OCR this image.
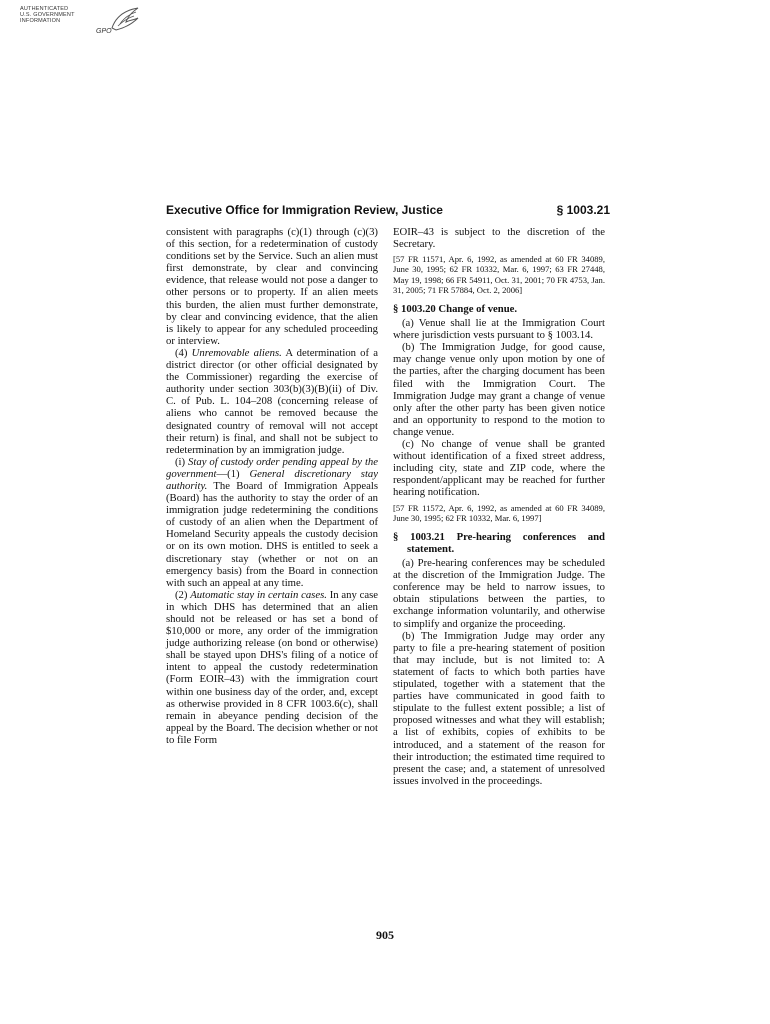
AUTHENTICATED
U.S. GOVERNMENT
INFORMATION
GPO
Executive Office for Immigration Review, Justice	§ 1003.21

consistent with paragraphs (c)(1) through (c)(3) of this section, for a redetermination of custody conditions set by the Service. Such an alien must first demonstrate, by clear and convincing evidence, that release would not pose a danger to other persons or to property. If an alien meets this burden, the alien must further demonstrate, by clear and convincing evidence, that the alien is likely to appear for any scheduled proceeding or interview.

(4) Unremovable aliens. A determination of a district director (or other official designated by the Commissioner) regarding the exercise of authority under section 303(b)(3)(B)(ii) of Div. C. of Pub. L. 104–208 (concerning release of aliens who cannot be removed because the designated country of removal will not accept their return) is final, and shall not be subject to redetermination by an immigration judge.

(i) Stay of custody order pending appeal by the government—(1) General discretionary stay authority. The Board of Immigration Appeals (Board) has the authority to stay the order of an immigration judge redetermining the conditions of custody of an alien when the Department of Homeland Security appeals the custody decision or on its own motion. DHS is entitled to seek a discretionary stay (whether or not on an emergency basis) from the Board in connection with such an appeal at any time.

(2) Automatic stay in certain cases. In any case in which DHS has determined that an alien should not be released or has set a bond of $10,000 or more, any order of the immigration judge authorizing release (on bond or otherwise) shall be stayed upon DHS's filing of a notice of intent to appeal the custody redetermination (Form EOIR–43) with the immigration court within one business day of the order, and, except as otherwise provided in 8 CFR 1003.6(c), shall remain in abeyance pending decision of the appeal by the Board. The decision whether or not to file Form

EOIR–43 is subject to the discretion of the Secretary.

[57 FR 11571, Apr. 6, 1992, as amended at 60 FR 34089, June 30, 1995; 62 FR 10332, Mar. 6, 1997; 63 FR 27448, May 19, 1998; 66 FR 54911, Oct. 31, 2001; 70 FR 4753, Jan. 31, 2005; 71 FR 57884, Oct. 2, 2006]

§ 1003.20 Change of venue.

(a) Venue shall lie at the Immigration Court where jurisdiction vests pursuant to § 1003.14.

(b) The Immigration Judge, for good cause, may change venue only upon motion by one of the parties, after the charging document has been filed with the Immigration Court. The Immigration Judge may grant a change of venue only after the other party has been given notice and an opportunity to respond to the motion to change venue.

(c) No change of venue shall be granted without identification of a fixed street address, including city, state and ZIP code, where the respondent/applicant may be reached for further hearing notification.

[57 FR 11572, Apr. 6, 1992, as amended at 60 FR 34089, June 30, 1995; 62 FR 10332, Mar. 6, 1997]

§ 1003.21 Pre-hearing conferences and statement.

(a) Pre-hearing conferences may be scheduled at the discretion of the Immigration Judge. The conference may be held to narrow issues, to obtain stipulations between the parties, to exchange information voluntarily, and otherwise to simplify and organize the proceeding.

(b) The Immigration Judge may order any party to file a pre-hearing statement of position that may include, but is not limited to: A statement of facts to which both parties have stipulated, together with a statement that the parties have communicated in good faith to stipulate to the fullest extent possible; a list of proposed witnesses and what they will establish; a list of exhibits, copies of exhibits to be introduced, and a statement of the reason for their introduction; the estimated time required to present the case; and, a statement of unresolved issues involved in the proceedings.

905
